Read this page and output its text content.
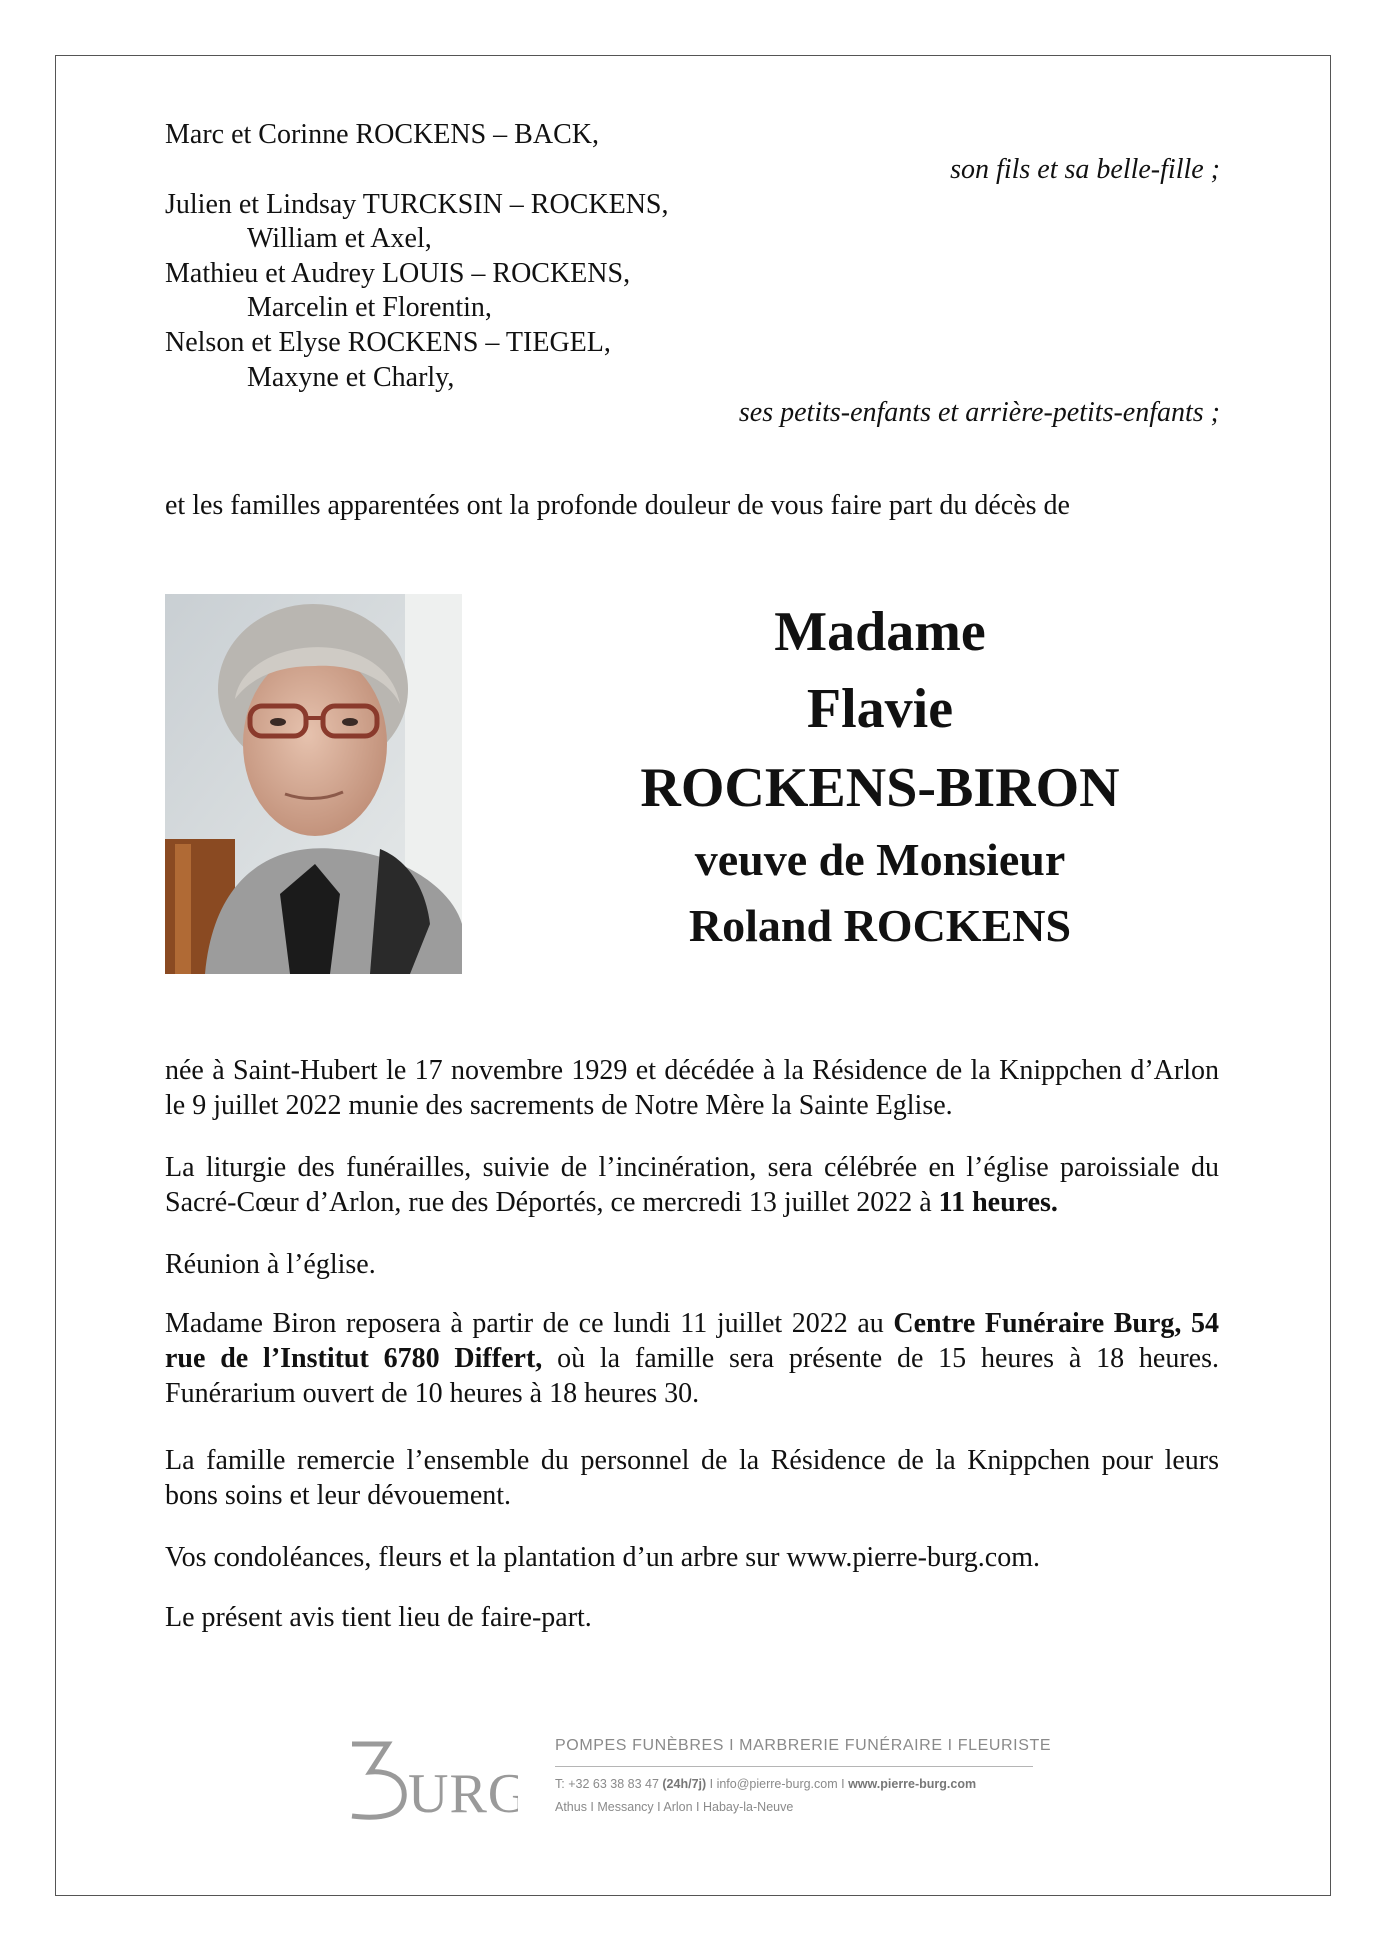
Marc et Corinne ROCKENS – BACK,
son fils et sa belle-fille ;
Julien et Lindsay TURCKSIN – ROCKENS,
William et Axel,
Mathieu et Audrey LOUIS – ROCKENS,
Marcelin et Florentin,
Nelson et Elyse ROCKENS – TIEGEL,
Maxyne et Charly,
ses petits-enfants et arrière-petits-enfants ;
et les familles apparentées ont la profonde douleur de vous faire part du décès de
Madame
Flavie
ROCKENS-BIRON
veuve de Monsieur
Roland ROCKENS
née à Saint-Hubert le 17 novembre 1929 et décédée à la Résidence de la Knippchen d’Arlon le 9 juillet 2022 munie des sacrements de Notre Mère la Sainte Eglise.
La liturgie des funérailles, suivie de l’incinération, sera célébrée en l’église paroissiale du Sacré-Cœur d’Arlon, rue des Déportés, ce mercredi 13 juillet 2022 à 11 heures.
Réunion à l’église.
Madame Biron reposera à partir de ce lundi 11 juillet 2022 au Centre Funéraire Burg, 54 rue de l’Institut 6780 Differt, où la famille sera présente de 15 heures à 18 heures. Funérarium ouvert de 10 heures à 18 heures 30.
La famille remercie l’ensemble du personnel de la Résidence de la Knippchen pour leurs bons soins et leur dévouement.
Vos condoléances, fleurs et la plantation d’un arbre sur www.pierre-burg.com.
Le présent avis tient lieu de faire-part.
URG
POMPES FUNÈBRES I MARBRERIE FUNÉRAIRE I FLEURISTE
T: +32 63 38 83 47 (24h/7j) I info@pierre-burg.com I www.pierre-burg.com
Athus I Messancy I Arlon I Habay-la-Neuve
